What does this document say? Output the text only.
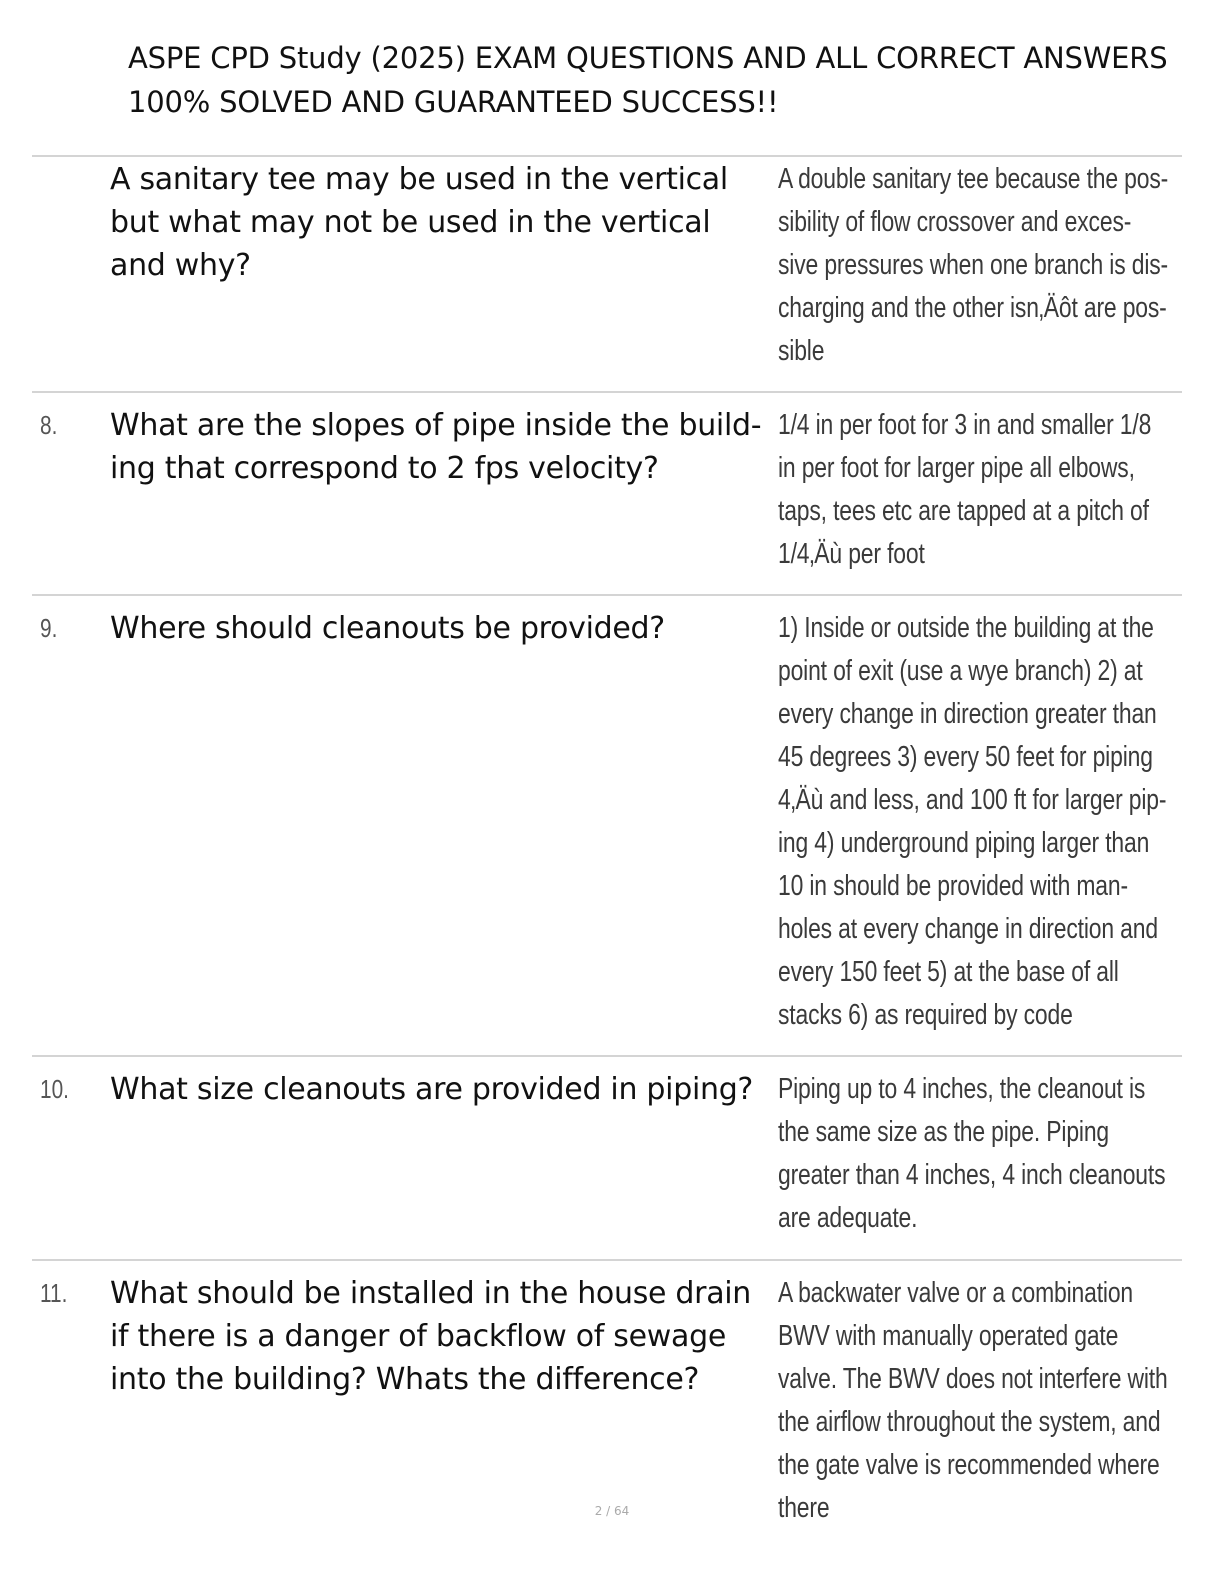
ASPE CPD Study (2025) EXAM QUESTIONS AND ALL CORRECT ANSWERS 100% SOLVED AND GUARANTEED SUCCESS!!
A sanitary tee may be used in the vertical but what may not be used in the vertical and why?
A double sanitary tee because the pos- sibility of flow crossover and exces- sive pressures when one branch is dis- charging and the other isn‚Äôt are pos- sible
8. What are the slopes of pipe inside the build- ing that correspond to 2 fps velocity?
1/4 in per foot for 3 in and smaller 1/8 in per foot for larger pipe all elbows, taps, tees etc are tapped at a pitch of 1/4‚Äù per foot
9. Where should cleanouts be provided?	1) Inside or outside the building at the point of exit (use a wye branch) 2) at every change in direction greater than 45 degrees 3) every 50 feet for piping 4‚Äù and less, and 100 ft for larger pip- ing 4) underground piping larger than 10 in should be provided with man- holes at every change in direction and every 150 feet 5) at the base of all stacks 6) as required by code
10. What size cleanouts are provided in piping? Piping up to 4 inches, the cleanout is the same size as the pipe. Piping greater than 4 inches, 4 inch cleanouts are adequate.
11. What should be installed in the house drain if there is a danger of backflow of sewage into the building? Whats the difference?
A backwater valve or a combination BWV with manually operated gate valve. The BWV does not interfere with the airflow throughout the system, and the gate valve is recommended where there
2 / 64
